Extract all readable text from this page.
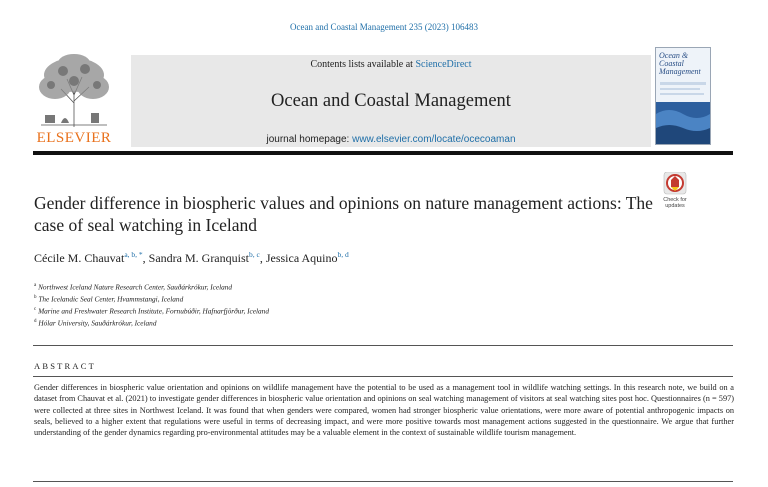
Ocean and Coastal Management 235 (2023) 106483
ELSEVIER
Contents lists available at ScienceDirect
Ocean and Coastal Management
journal homepage: www.elsevier.com/locate/ocecoaman
Ocean & Coastal Management
Gender difference in biospheric values and opinions on nature management actions: The case of seal watching in Iceland
Check for updates
Cécile M. Chauvat$^{a, b, *}$, Sandra M. Granquist$^{b, c}$, Jessica Aquino$^{b, d}$
$^a$ Northwest Iceland Nature Research Center, Sauðárkrókur, Iceland
$^b$ The Icelandic Seal Center, Hvammstangi, Iceland
$^c$ Marine and Freshwater Research Institute, Fornubúðir, Hafnarfjörður, Iceland
$^d$ Hólar University, Sauðárkrókur, Iceland
ABSTRACT

Gender differences in biospheric value orientation and opinions on wildlife management have the potential to be used as a management tool in wildlife watching settings. In this research note, we build on a dataset from Chauvat et al. (2021) to investigate gender differences in biospheric value orientation and opinions on seal watching management of visitors at seal watching sites post hoc. Questionnaires (n = 597) were collected at three sites in Northwest Iceland. It was found that when genders were compared, women had stronger biospheric value orientations, were more aware of potential anthropogenic impacts on seals, believed to a higher extent that regulations were useful in terms of decreasing impact, and were more positive towards most management actions suggested in the questionnaire. We argue that further understanding of the gender dynamics regarding pro-environmental attitudes may be a valuable element in the context of sustainable wildlife tourism management.
